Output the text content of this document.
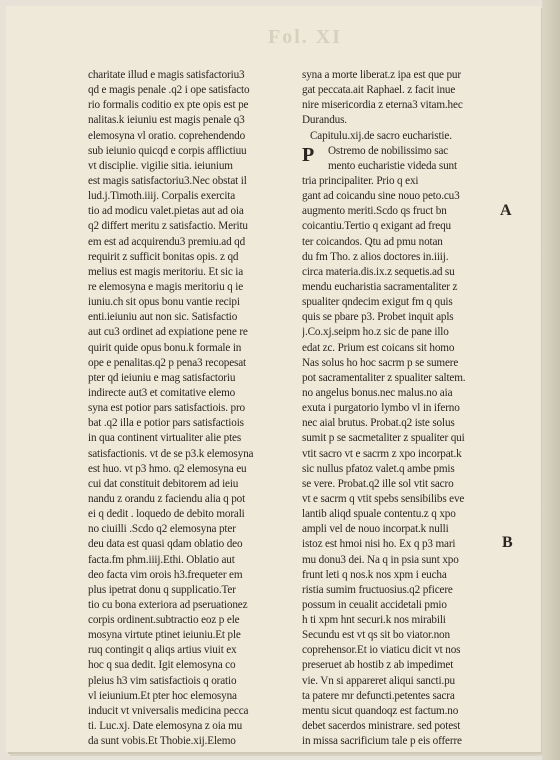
Fol. XI
charitate illud e magis satisfactoriu3
qd e magis penale .q2 i ope satisfacto
rio formalis coditio ex pte opis est pe
nalitas.k ieiuniu est magis penale q3
elemosyna vl oratio. coprehendendo
sub ieiunio quicqd e corpis afflictiuu
vt disciplie. vigilie sitia. ieiunium
est magis satisfactoriu3.Nec obstat il
lud.j.Timoth.iiij. Corpalis exercita
tio ad modicu valet.pietas aut ad oia
q2 differt meritu z satisfactio. Meritu
em est ad acquirendu3 premiu.ad qd
requirit z sufficit bonitas opis. z qd
melius est magis meritoriu. Et sic ia
re elemosyna e magis meritoriu q ie
iuniu.ch sit opus bonu vantie recipi
enti.ieiuniu aut non sic. Satisfactio
aut cu3 ordinet ad expiatione pene re
quirit quide opus bonu.k formale in
ope e penalitas.q2 p pena3 recopesat
pter qd ieiuniu e mag satisfactoriu
indirecte aut3 et comitative elemo
syna est potior pars satisfactiois. pro
bat .q2 illa e potior pars satisfactiois
in qua continent virtualiter alie ptes
satisfactionis. vt de se p3.k elemosyna
est huo. vt p3 hmo. q2 elemosyna eu
cui dat constituit debitorem ad ieiu
nandu z orandu z faciendu alia q pot
ei q dedit . loquedo de debito morali
no ciuilli .Scdo q2 elemosyna pter
deu data est quasi qdam oblatio deo
facta.fm phm.iiij.Ethi. Oblatio aut
deo facta vim orois h3.frequeter em
plus ipetrat donu q supplicatio.Ter
tio cu bona exteriora ad pseruationez
corpis ordinent.subtractio eoz p ele
mosyna virtute ptinet ieiuniu.Et ple
ruq contingit q aliqs artius viuit ex
hoc q sua dedit. Igit elemosyna co
pleius h3 vim satisfactiois q oratio
vl ieiunium.Et pter hoc elemosyna
inducit vt vniversalis medicina pecca
ti. Luc.xj. Date elemosyna z oia mu
da sunt vobis.Et Thobie.xij.Elemo
syna a morte liberat.z ipa est que pur
gat peccata.ait Raphael. z facit inue
nire misericordia z eterna3 vitam.hec
Durandus.
Capitulu.xij.de sacro eucharistie.
Ostremo de nobilissimo sac
mento eucharistie videda sunt
tria principaliter. Prio q exi
gant ad coicandu sine nouo peto.cu3
augmento meriti.Scdo qs fruct bn
coicantiu.Tertio q exigant ad frequ
ter coicandos. Qtu ad pmu notan
du fm Tho. z alios doctores in.iiij.
circa materia.dis.ix.z sequetis.ad su
mendu eucharistia sacramentaliter z
spualiter qndecim exigut fm q quis
quis se pbare p3. Probet inquit apls
j.Co.xj.seipm ho.z sic de pane illo
edat zc. Prium est coicans sit homo
Nas solus ho hoc sacrm p se sumere
pot sacramentaliter z spualiter saltem.
no angelus bonus.nec malus.no aia
exuta i purgatorio lymbo vl in iferno
nec aial brutus. Probat.q2 iste solus
sumit p se sacmetaliter z spualiter qui
vtit sacro vt e sacrm z xpo incorpat.k
sic nullus pfatoz valet.q ambe pmis
se vere. Probat.q2 ille sol vtit sacro
vt e sacrm q vtit spebs sensibilibs eve
lantib aliqd spuale contentu.z q xpo
ampli vel de nouo incorpat.k nulli
istoz est hmoi nisi ho. Ex q p3 mari
mu donu3 dei. Na q in psia sunt xpo
frunt leti q nos.k nos xpm i eucha
ristia sumim fructuosius.q2 pficere
possum in ceualit accidetali pmio
h ti xpm hnt securi.k nos mirabili
Secundu est vt qs sit bo viator.non
coprehensor.Et io viaticu dicit vt nos
preseruet ab hostib z ab impedimet
vie. Vn si appareret aliqui sancti.pu
ta patere mr defuncti.petentes sacra
mentu sicut quandoqz est factum.no
debet sacerdos ministrare. sed potest
in missa sacrificium tale p eis offerre
P
A
B
